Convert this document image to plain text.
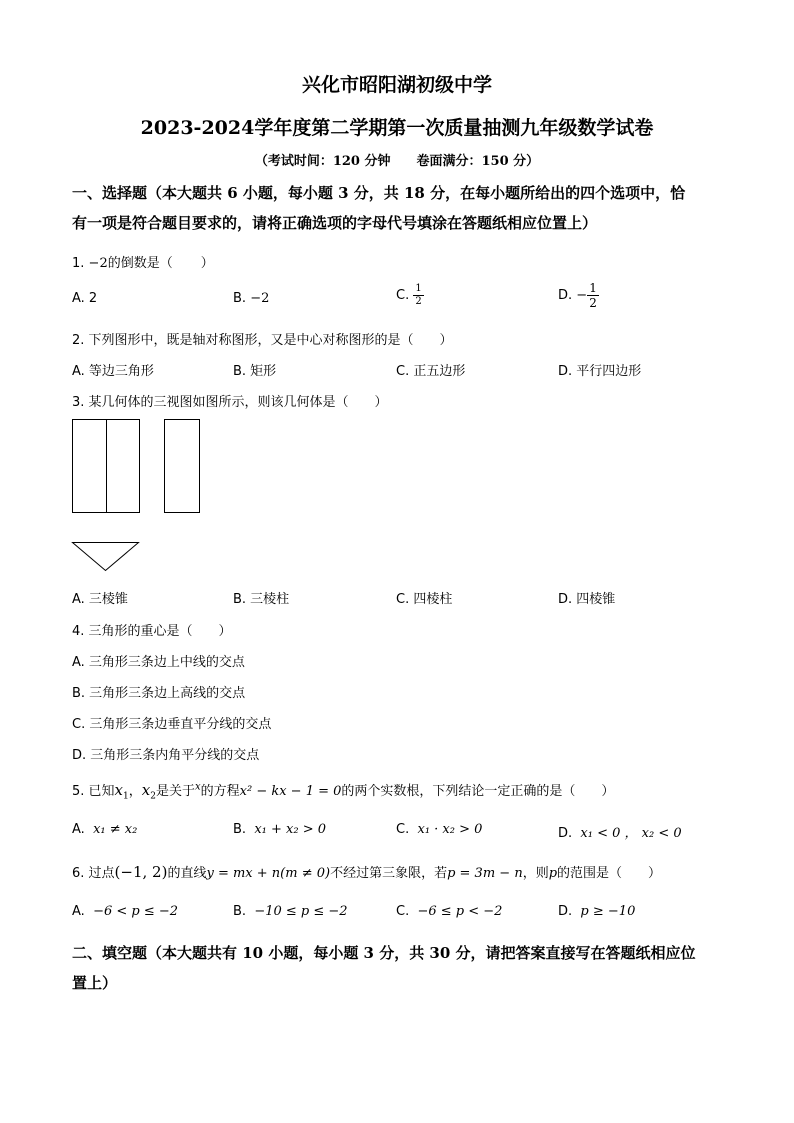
兴化市昭阳湖初级中学
2023-2024学年度第二学期第一次质量抽测九年级数学试卷
（考试时间：120 分钟　　卷面满分：150 分）
一、选择题（本大题共 6 小题，每小题 3 分，共 18 分，在每小题所给出的四个选项中，恰
有一项是符合题目要求的，请将正确选项的字母代号填涂在答题纸相应位置上）
1. −2的倒数是（ ）
A. 2	B. −2	C. $\frac{1}{2}$	D. − $\frac{1}{2}$
2. 下列图形中，既是轴对称图形，又是中心对称图形的是（　　）
A. 等边三角形	B. 矩形	C. 正五边形	D. 平行四边形
3. 某几何体的三视图如图所示，则该几何体是（　　）
A. 三棱锥	B. 三棱柱	C. 四棱柱	D. 四棱锥
4. 三角形的重心是（　　）
A. 三角形三条边上中线的交点
B. 三角形三条边上高线的交点
C. 三角形三条边垂直平分线的交点
D. 三角形三条内角平分线的交点
5. 已知$x_1$，$x_2$是关于$^x$的方程x² − kx − 1 = 0的两个实数根，下列结论一定正确的是（　　）
A. x₁ ≠ x₂	B. x₁ + x₂ > 0	C. x₁ · x₂ > 0	D. x₁ < 0 ， x₂ < 0
6. 过点(−1, 2)的直线y = mx + n(m ≠ 0)不经过第三象限，若p = 3m − n，则p的范围是（　　）
A. −6 < p ≤ −2	B. −10 ≤ p ≤ −2	C. −6 ≤ p < −2	D. p ≥ −10
二、填空题（本大题共有 10 小题，每小题 3 分，共 30 分，请把答案直接写在答题纸相应位
置上）
